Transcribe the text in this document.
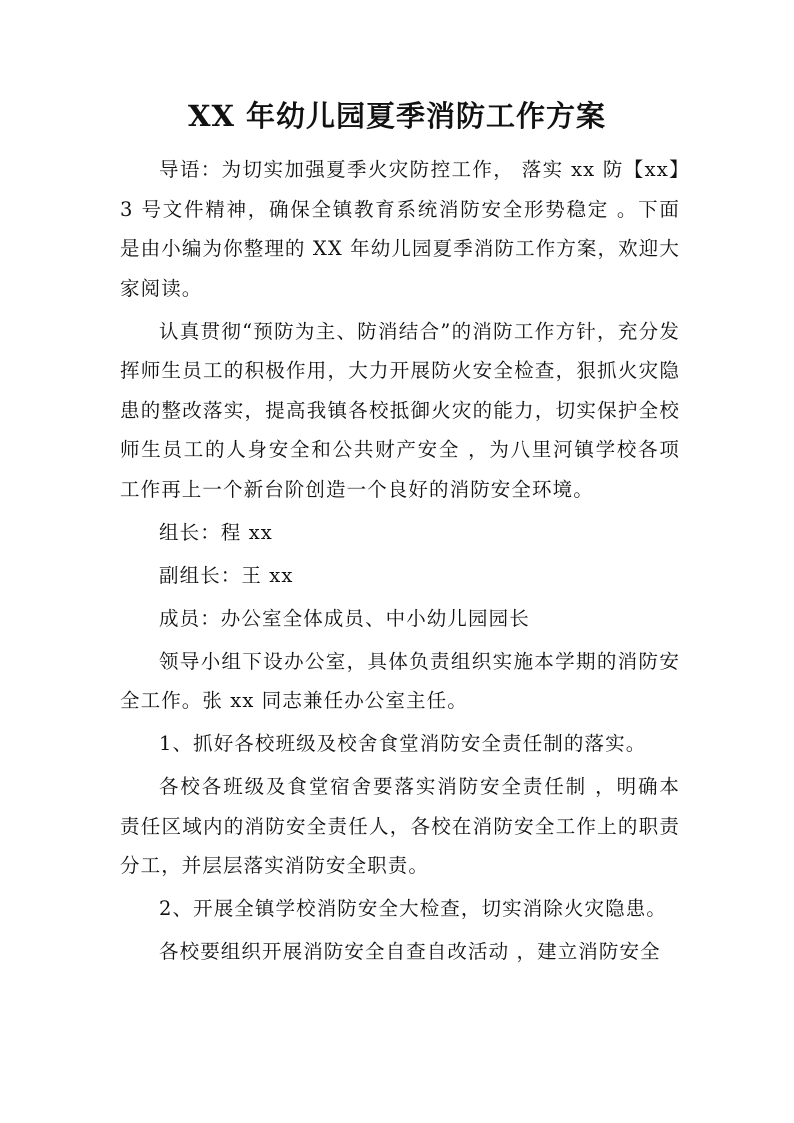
XX 年幼儿园夏季消防工作方案

导语：为切实加强夏季火灾防控工作， 落实 xx 防【xx】3 号文件精神，确保全镇教育系统消防安全形势稳定 。下面是由小编为你整理的 XX 年幼儿园夏季消防工作方案，欢迎大家阅读。

认真贯彻“预防为主、防消结合”的消防工作方针，充分发挥师生员工的积极作用，大力开展防火安全检查，狠抓火灾隐患的整改落实，提高我镇各校抵御火灾的能力，切实保护全校师生员工的人身安全和公共财产安全 ，为八里河镇学校各项工作再上一个新台阶创造一个良好的消防安全环境。

组长：程 xx

副组长：王 xx

成员：办公室全体成员、中小幼儿园园长

领导小组下设办公室，具体负责组织实施本学期的消防安全工作。张 xx 同志兼任办公室主任。

1、抓好各校班级及校舍食堂消防安全责任制的落实。

各校各班级及食堂宿舍要落实消防安全责任制 ，明确本责任区域内的消防安全责任人，各校在消防安全工作上的职责分工，并层层落实消防安全职责。

2、开展全镇学校消防安全大检查，切实消除火灾隐患。

各校要组织开展消防安全自查自改活动 ，建立消防安全
